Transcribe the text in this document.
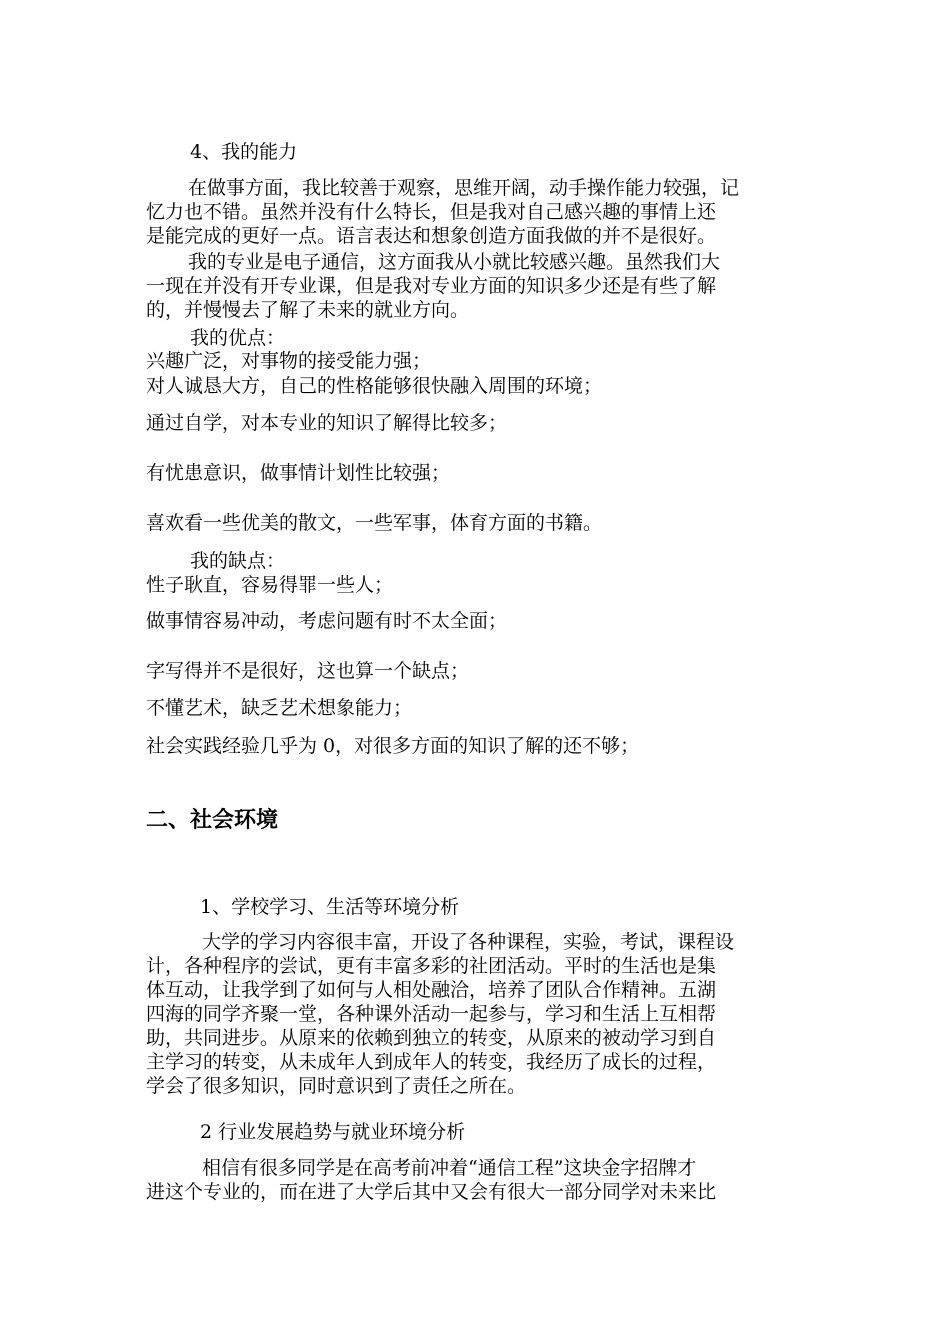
4、我的能力

在做事方面，我比较善于观察，思维开阔，动手操作能力较强，记

忆力也不错。虽然并没有什么特长，但是我对自己感兴趣的事情上还

是能完成的更好一点。语言表达和想象创造方面我做的并不是很好。

我的专业是电子通信，这方面我从小就比较感兴趣。虽然我们大

一现在并没有开专业课，但是我对专业方面的知识多少还是有些了解

的，并慢慢去了解了未来的就业方向。

我的优点：
兴趣广泛，对事物的接受能力强；
对人诚恳大方，自己的性格能够很快融入周围的环境；
通过自学，对本专业的知识了解得比较多；
有忧患意识，做事情计划性比较强；
喜欢看一些优美的散文，一些军事，体育方面的书籍。
我的缺点：
性子耿直，容易得罪一些人；
做事情容易冲动，考虑问题有时不太全面；
字写得并不是很好，这也算一个缺点；
不懂艺术，缺乏艺术想象能力；
社会实践经验几乎为 0，对很多方面的知识了解的还不够；
二、社会环境
1、学校学习、生活等环境分析

大学的学习内容很丰富，开设了各种课程，实验，考试，课程设

计，各种程序的尝试，更有丰富多彩的社团活动。平时的生活也是集

体互动，让我学到了如何与人相处融洽，培养了团队合作精神。五湖

四海的同学齐聚一堂，各种课外活动一起参与，学习和生活上互相帮

助，共同进步。从原来的依赖到独立的转变，从原来的被动学习到自

主学习的转变，从未成年人到成年人的转变，我经历了成长的过程，

学会了很多知识，同时意识到了责任之所在。

2 行业发展趋势与就业环境分析

相信有很多同学是在高考前冲着“通信工程”这块金字招牌才

进这个专业的，而在进了大学后其中又会有很大一部分同学对未来比
